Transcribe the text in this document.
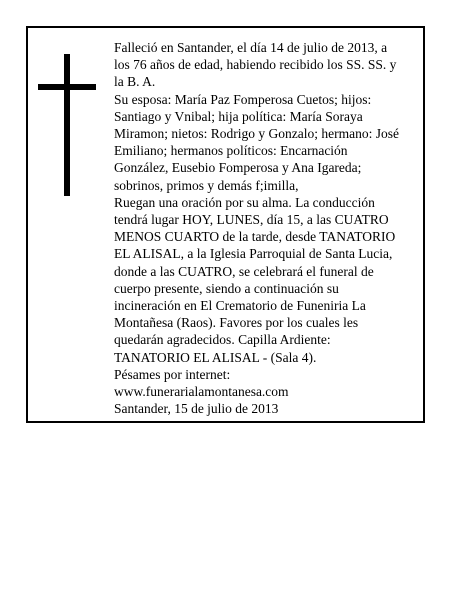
Falleció en Santander, el día 14 de julio de 2013, a los 76 años de edad, habiendo recibido los SS. SS. y la B. A.

Su esposa: María Paz Fomperosa Cuetos; hijos: Santiago y Vnibal; hija política: María Soraya Miramon; nietos: Rodrigo y Gonzalo; hermano: José Emiliano; hermanos políticos: Encarnación González, Eusebio Fomperosa y Ana Igareda; sobrinos, primos y demás f;imilla,

Ruegan una oración por su alma. La conducción tendrá lugar HOY, LUNES, día 15, a las CUATRO MENOS CUARTO de la tarde, desde TANATORIO EL ALISAL, a la Iglesia Parroquial de Santa Lucia, donde a las CUATRO, se celebrará el funeral de cuerpo presente, siendo a continuación su incineración en El Crematorio de Funeniria La Montañesa (Raos). Favores por los cuales les quedarán agradecidos. Capilla Ardiente: TANATORIO EL ALISAL - (Sala 4).

Pésames por internet: www.funerarialamontanesa.com

Santander, 15 de julio de 2013
